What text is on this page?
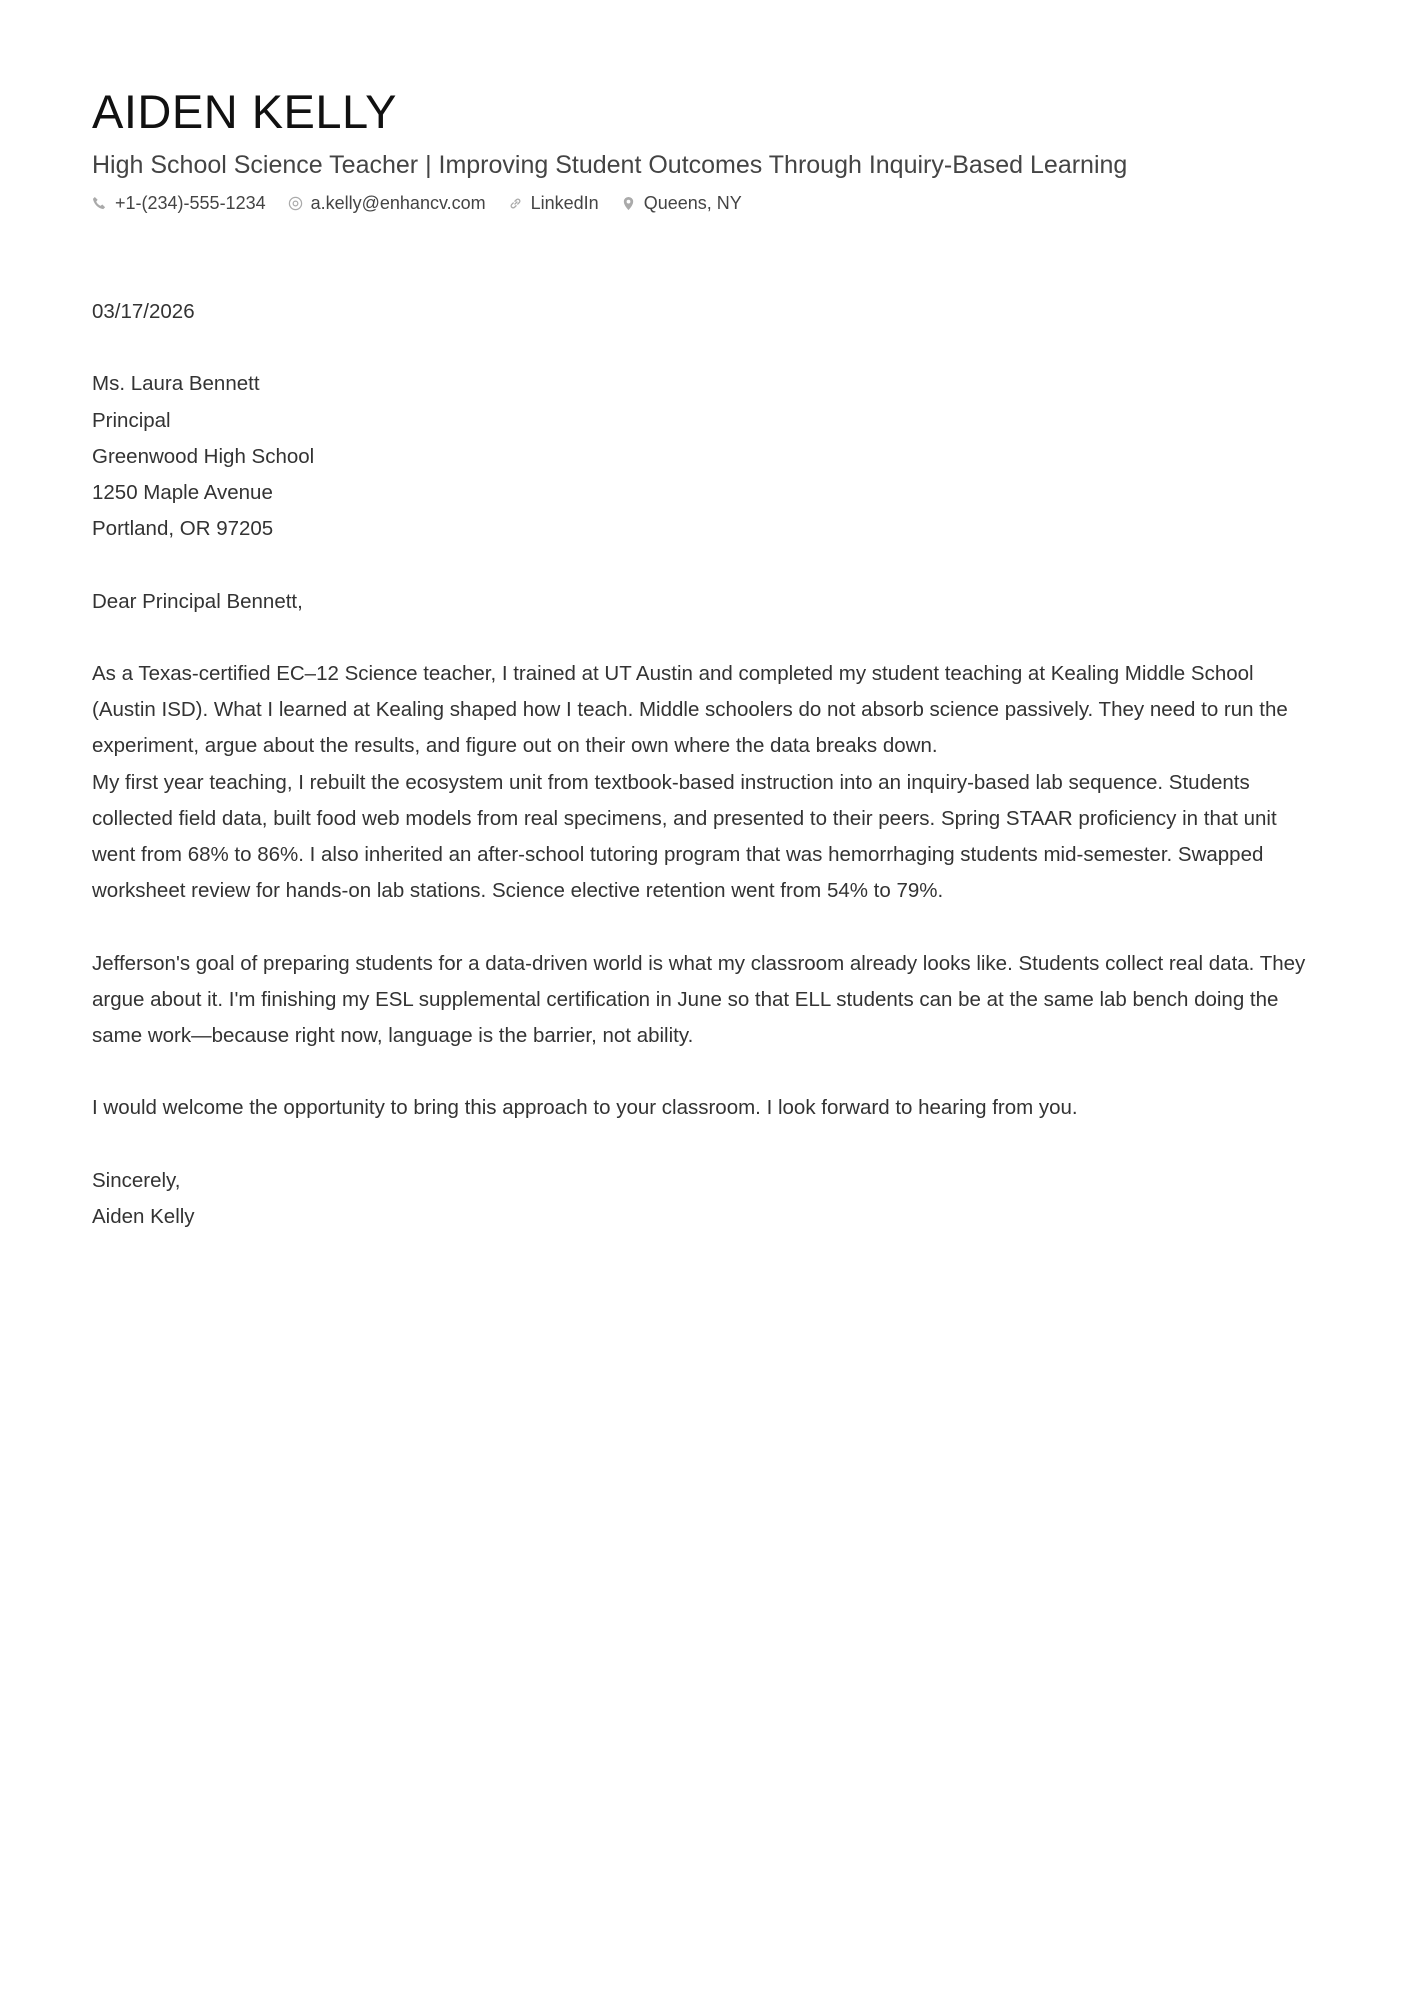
AIDEN KELLY
High School Science Teacher | Improving Student Outcomes Through Inquiry-Based Learning
+1-(234)-555-1234	a.kelly@enhancv.com	LinkedIn	Queens, NY
03/17/2026

Ms. Laura Bennett

Principal

Greenwood High School

1250 Maple Avenue

Portland, OR 97205

Dear Principal Bennett,

As a Texas-certified EC–12 Science teacher, I trained at UT Austin and completed my student teaching at Kealing Middle School (Austin ISD). What I learned at Kealing shaped how I teach. Middle schoolers do not absorb science passively. They need to run the experiment, argue about the results, and figure out on their own where the data breaks down.

My first year teaching, I rebuilt the ecosystem unit from textbook-based instruction into an inquiry-based lab sequence. Students collected field data, built food web models from real specimens, and presented to their peers. Spring STAAR proficiency in that unit went from 68% to 86%. I also inherited an after-school tutoring program that was hemorrhaging students mid-semester. Swapped worksheet review for hands-on lab stations. Science elective retention went from 54% to 79%.

Jefferson's goal of preparing students for a data-driven world is what my classroom already looks like. Students collect real data. They argue about it. I'm finishing my ESL supplemental certification in June so that ELL students can be at the same lab bench doing the same work—because right now, language is the barrier, not ability.
I would welcome the opportunity to bring this approach to your classroom. I look forward to hearing from you.

Sincerely,

Aiden Kelly
